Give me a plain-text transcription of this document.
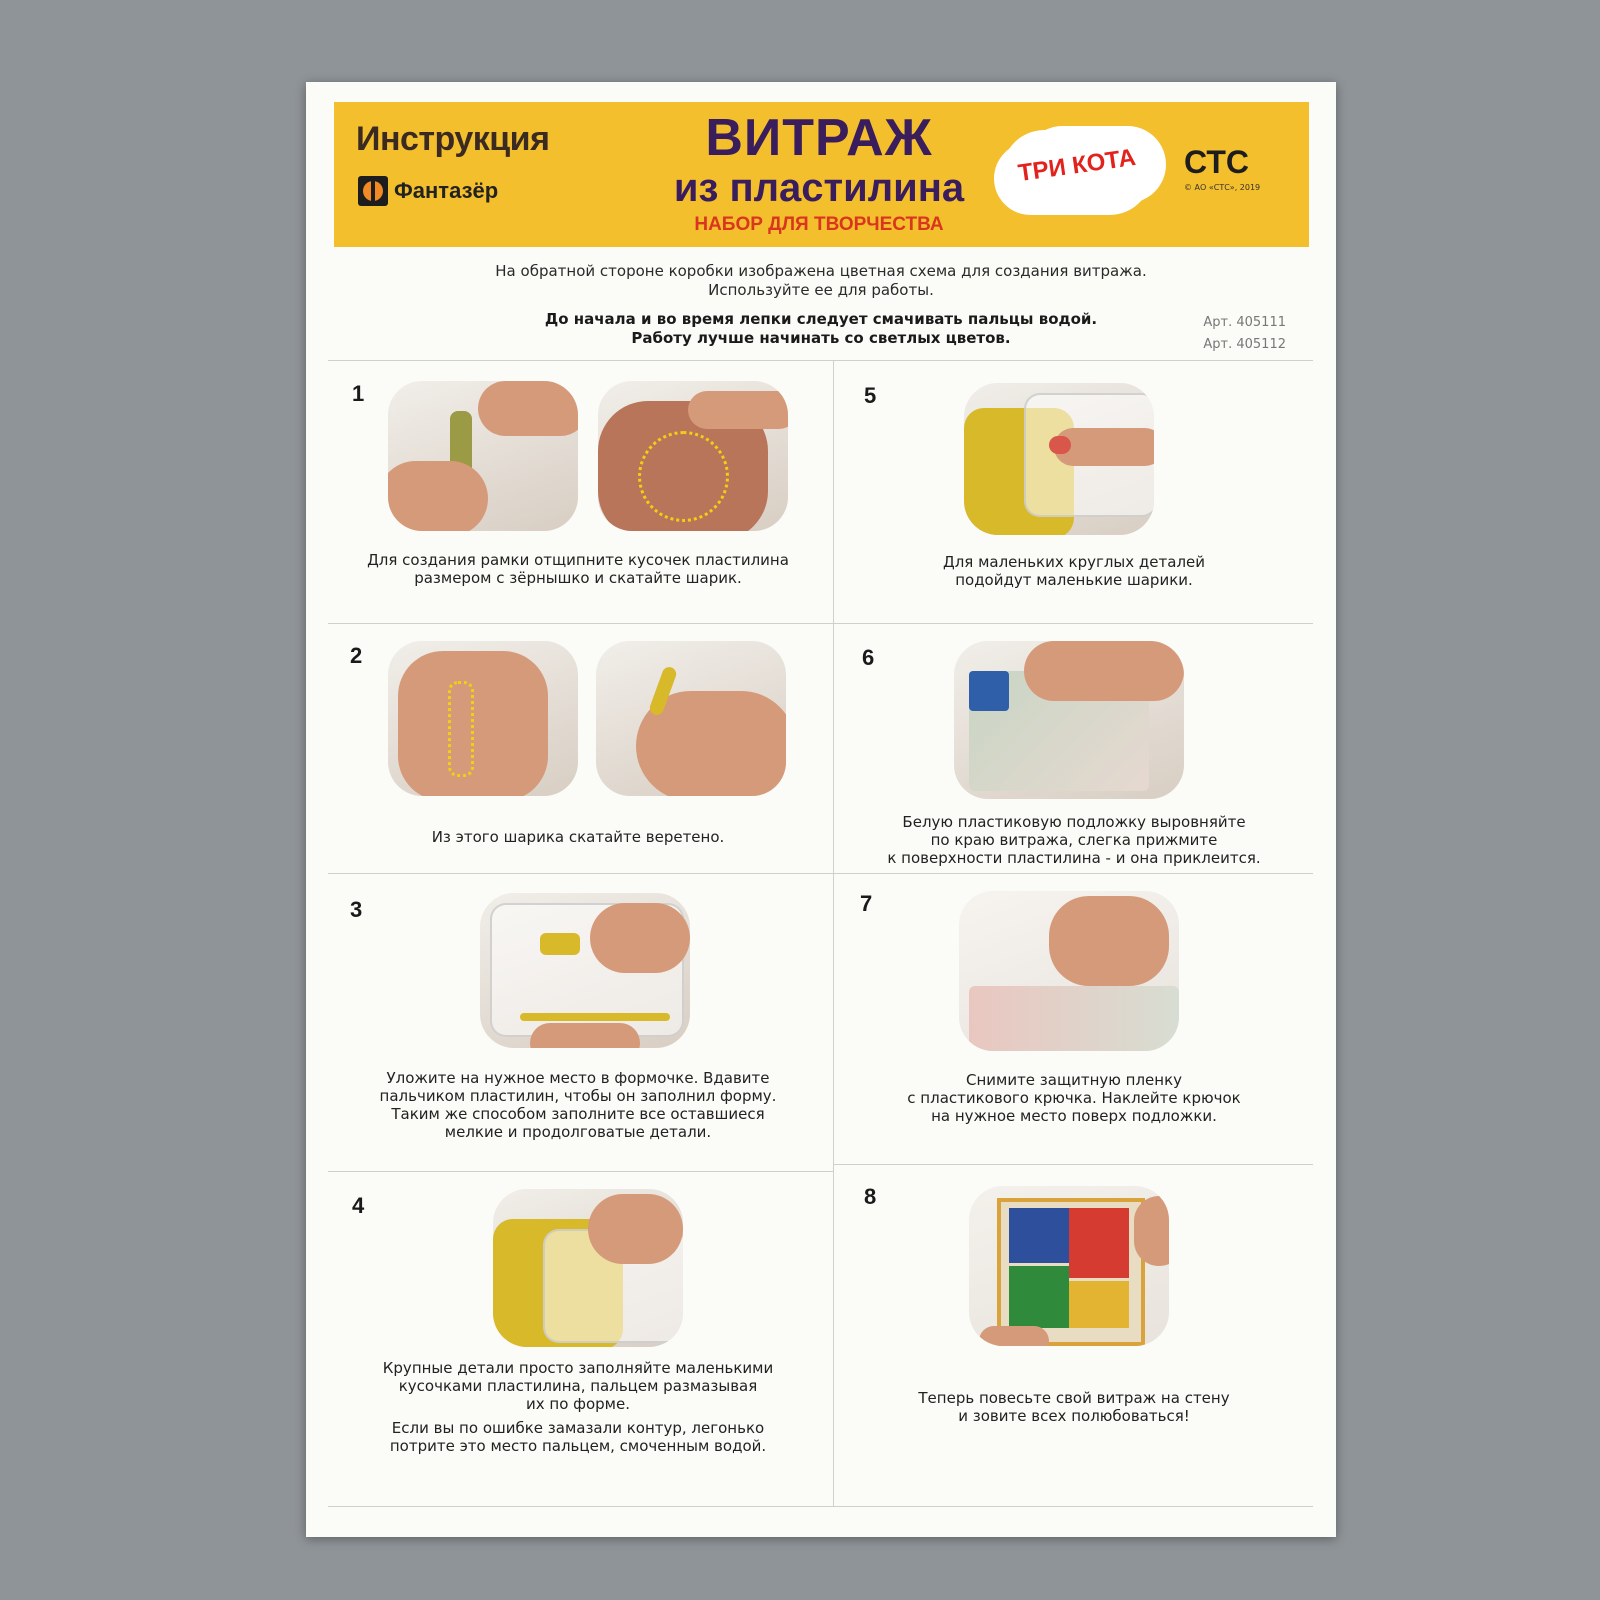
Инструкция
Фантазёр
ВИТРАЖ
из пластилина
НАБОР ДЛЯ ТВОРЧЕСТВА
ТРИ КОТА	СТС
© АО «СТС», 2019
На обратной стороне коробки изображена цветная схема для создания витража.
Используйте ее для работы.
До начала и во время лепки следует смачивать пальцы водой.
Работу лучше начинать со светлых цветов.
Арт. 405111
Арт. 405112
1
Для создания рамки отщипните кусочек пластилина
размером с зёрнышко и скатайте шарик.
2
Из этого шарика скатайте веретено.
3
Уложите на нужное место в формочке. Вдавите
пальчиком пластилин, чтобы он заполнил форму.
Таким же способом заполните все оставшиеся
мелкие и продолговатые детали.
4

Крупные детали просто заполняйте маленькими
кусочками пластилина, пальцем размазывая
их по форме.

Если вы по ошибке замазали контур, легонько
потрите это место пальцем, смоченным водой.

5
Для маленьких круглых деталей
подойдут маленькие шарики.
6
Белую пластиковую подложку выровняйте
по краю витража, слегка прижмите
к поверхности пластилина - и она приклеится.
7
Снимите защитную пленку
с пластикового крючка. Наклейте крючок
на нужное место поверх подложки.
8
Теперь повесьте свой витраж на стену
и зовите всех полюбоваться!
